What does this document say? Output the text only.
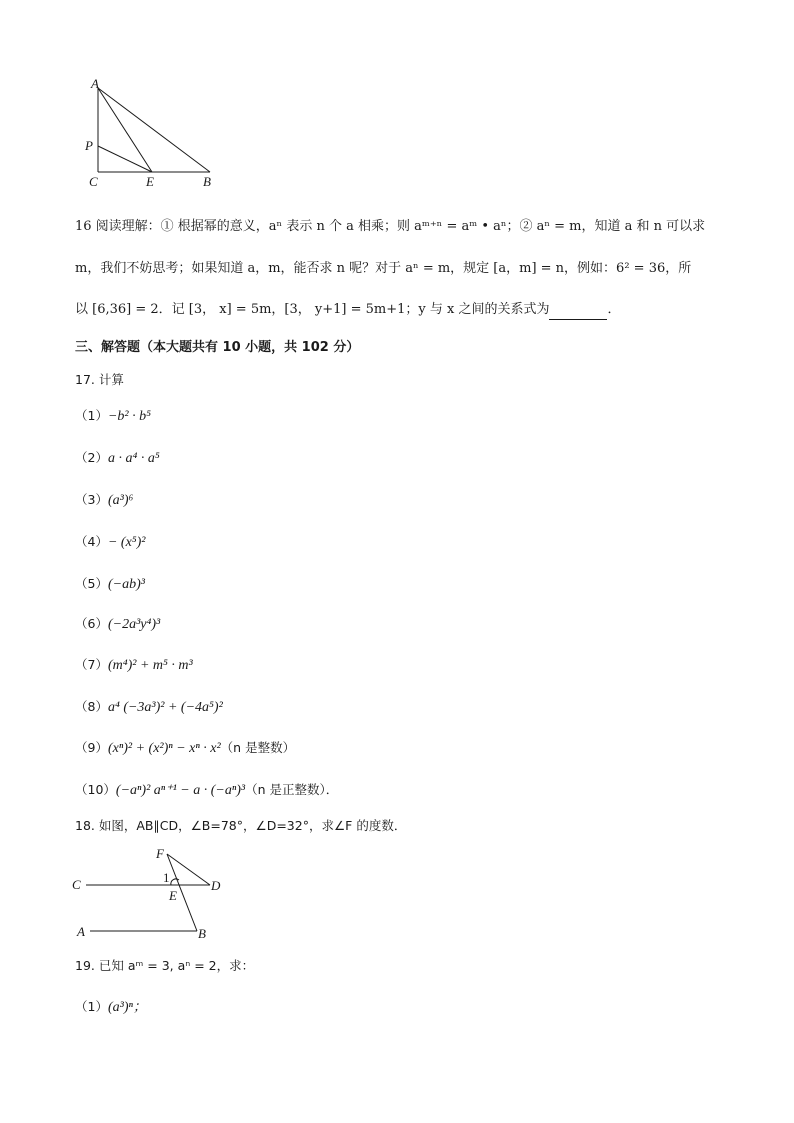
A
P
C	E	B
16 阅读理解：① 根据幂的意义，aⁿ 表示 n 个 a 相乘；则 aᵐ⁺ⁿ = aᵐ • aⁿ；② aⁿ = m，知道 a 和 n 可以求
m，我们不妨思考；如果知道 a，m，能否求 n 呢？对于 aⁿ = m，规定 [a，m] = n，例如：6² = 36，所
以 [6,36] = 2．记 [3， x] = 5m，[3， y+1] = 5m+1；y 与 x 之间的关系式为	．
三、解答题（本大题共有 10 小题，共 102 分）
17. 计算
（1）−b² · b⁵
（2）a · a⁴ · a⁵
（3）(a³)⁶
（4）− (x⁵)²
（5）(−ab)³
（6）(−2a³y⁴)³
（7）(m⁴)² + m⁵ · m³
（8）a⁴ (−3a³)² + (−4a⁵)²
（9）(xⁿ)² + (x²)ⁿ − xⁿ · x²（n 是整数）
（10）(−aⁿ)² aⁿ⁺¹ − a · (−aⁿ)³（n 是正整数）．
18. 如图，AB∥CD，∠B=78°，∠D=32°，求∠F 的度数．
F
C	1
E
D
A	B
19. 已知 aᵐ = 3, aⁿ = 2，求：
（1）(a³)ⁿ；
